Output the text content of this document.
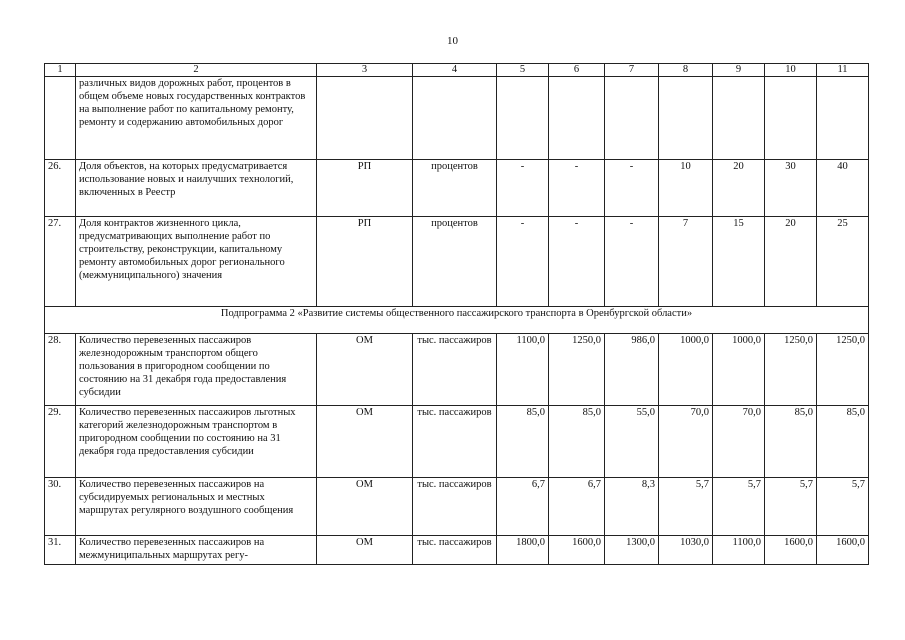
10
1	2	3	4	5	6	7	8	9	10	11
	различных видов дорожных работ, процентов в общем объеме новых государственных контрактов на выполнение работ по капитальному ремонту, ремонту и содержанию автомобильных дорог									
26.	Доля объектов, на которых предусматривается использование новых и наилучших технологий, включенных в Реестр	РП	процентов	-	-	-	10	20	30	40
27.	Доля контрактов жизненного цикла, предусматривающих выполнение работ по строительству, реконструкции, капитальному ремонту автомобильных дорог регионального (межмуниципального) значения	РП	процентов	-	-	-	7	15	20	25
Подпрограмма 2 «Развитие системы общественного пассажирского транспорта в Оренбургской области»										
28.	Количество перевезенных пассажиров железнодорожным транспортом общего пользования в пригородном сообщении по состоянию на 31 декабря года предоставления субсидии	ОМ	тыс. пассажиров	1100,0	1250,0	986,0	1000,0	1000,0	1250,0	1250,0
29.	Количество перевезенных пассажиров льготных категорий железнодорожным транспортом в пригородном сообщении по состоянию на 31 декабря года предоставления субсидии	ОМ	тыс. пассажиров	85,0	85,0	55,0	70,0	70,0	85,0	85,0
30.	Количество перевезенных пассажиров на субсидируемых региональных и местных маршрутах регулярного воздушного сообщения	ОМ	тыс. пассажиров	6,7	6,7	8,3	5,7	5,7	5,7	5,7
31.	Количество перевезенных пассажиров на межмуниципальных маршрутах регу-	ОМ	тыс. пассажиров	1800,0	1600,0	1300,0	1030,0	1100,0	1600,0	1600,0
